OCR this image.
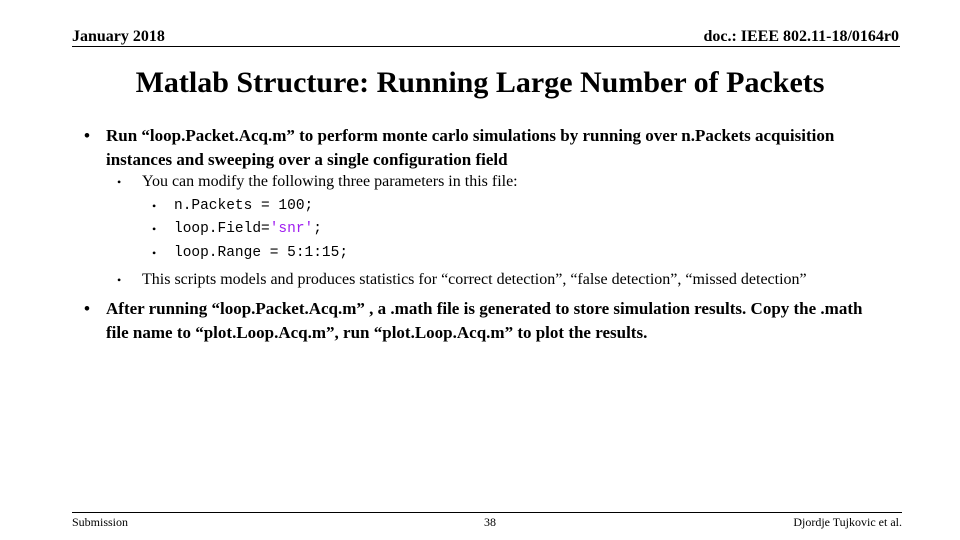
January 2018	doc.: IEEE 802.11-18/0164r0
Matlab Structure: Running Large Number of Packets
• Run “loop.Packet.Acq.m” to perform monte carlo simulations by running over n.Packets acquisition instances and sweeping over a single configuration field
• You can modify the following three parameters in this file:
• n.Packets = 100;
• loop.Field='snr';
• loop.Range = 5:1:15;
• This scripts models and produces statistics for “correct detection”, “false detection”, “missed detection”
• After running “loop.Packet.Acq.m” , a .math file is generated to store simulation results. Copy the .math file name to “plot.Loop.Acq.m”, run “plot.Loop.Acq.m” to plot the results.
Submission	38	Djordje Tujkovic et al.
